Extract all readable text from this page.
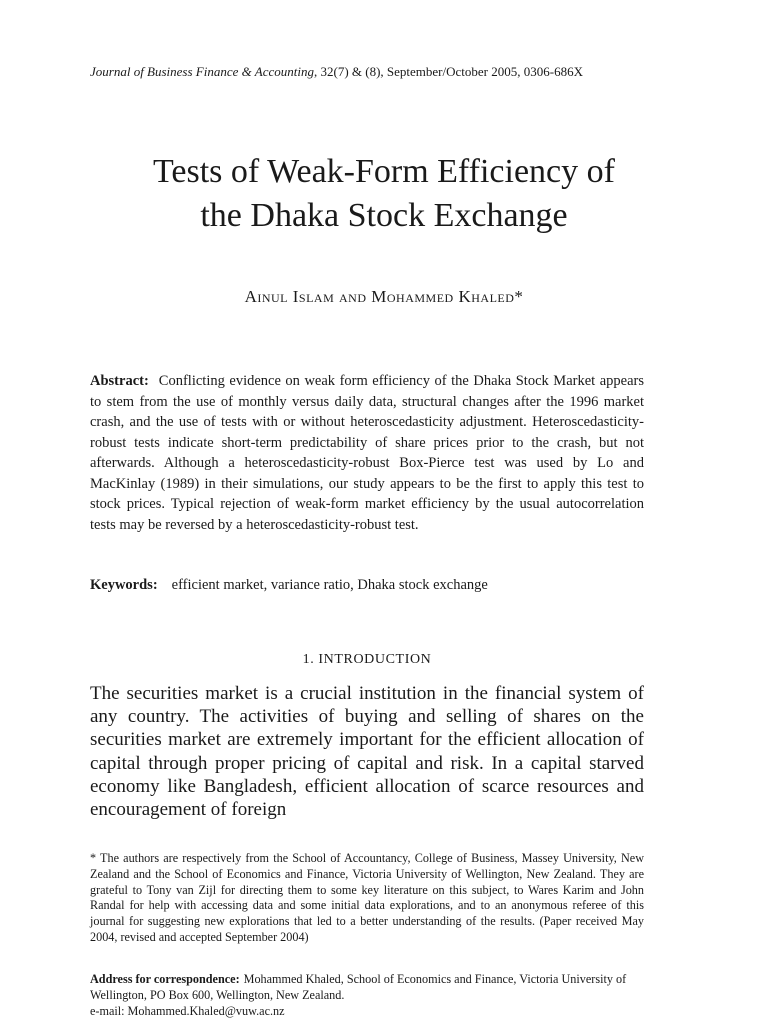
Journal of Business Finance & Accounting, 32(7) & (8), September/October 2005, 0306-686X
Tests of Weak-Form Efficiency of
the Dhaka Stock Exchange
Ainul Islam and Mohammed Khaled*

Abstract: Conflicting evidence on weak form efficiency of the Dhaka Stock Market appears to stem from the use of monthly versus daily data, structural changes after the 1996 market crash, and the use of tests with or without heteroscedasticity adjustment. Heteroscedasticity-robust tests indicate short-term predictability of share prices prior to the crash, but not afterwards. Although a heteroscedasticity-robust Box-Pierce test was used by Lo and MacKinlay (1989) in their simulations, our study appears to be the first to apply this test to stock prices. Typical rejection of weak-form market efficiency by the usual autocorrelation tests may be reversed by a heteroscedasticity-robust test.

Keywords: efficient market, variance ratio, Dhaka stock exchange

1. INTRODUCTION

The securities market is a crucial institution in the financial system of any country. The activities of buying and selling of shares on the securities market are extremely important for the efficient allocation of capital through proper pricing of capital and risk. In a capital starved economy like Bangladesh, efficient allocation of scarce resources and encouragement of foreign

* The authors are respectively from the School of Accountancy, College of Business, Massey University, New Zealand and the School of Economics and Finance, Victoria University of Wellington, New Zealand. They are grateful to Tony van Zijl for directing them to some key literature on this subject, to Wares Karim and John Randal for help with accessing data and some initial data explorations, and to an anonymous referee of this journal for suggesting new explorations that led to a better understanding of the results. (Paper received May 2004, revised and accepted September 2004)

Address for correspondence: Mohammed Khaled, School of Economics and Finance, Victoria University of Wellington, PO Box 600, Wellington, New Zealand.
e-mail: Mohammed.Khaled@vuw.ac.nz
